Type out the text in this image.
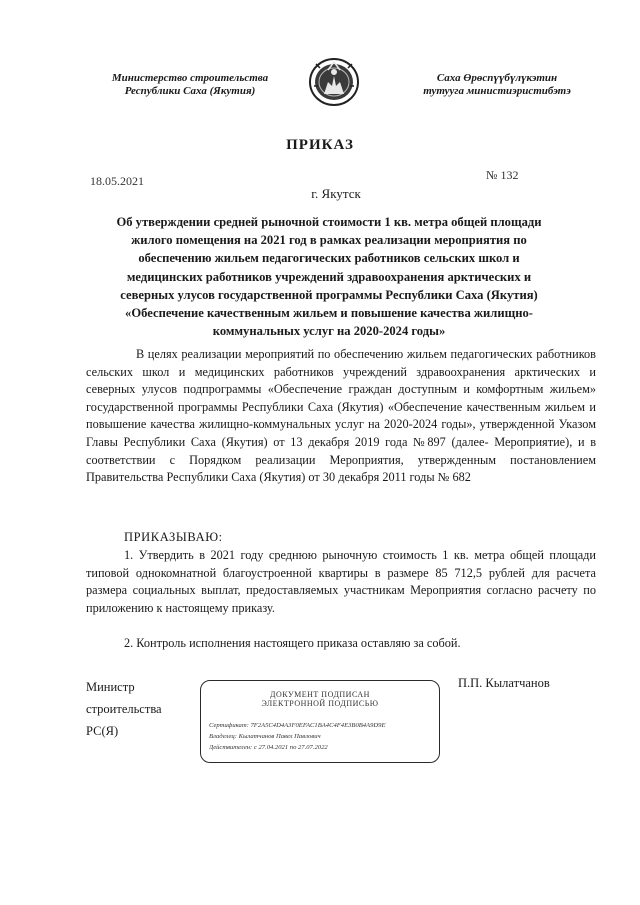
Министерство строительства
Республики Саха (Якутия)
Саха Өрөспүүбүлүкэтин
тутууга министиэристибэтэ
ПРИКАЗ
18.05.2021
г. Якутск
№ 132
Об утверждении средней рыночной стоимости 1 кв. метра общей площади жилого помещения на 2021 год в рамках реализации мероприятия по обеспечению жильем педагогических работников сельских школ и медицинских работников учреждений здравоохранения арктических и северных улусов государственной программы Республики Саха (Якутия) «Обеспечение качественным жильем и повышение качества жилищно-коммунальных услуг на 2020-2024 годы»
В целях реализации мероприятий по обеспечению жильем педагогических работников сельских школ и медицинских работников учреждений здравоохранения арктических и северных улусов подпрограммы «Обеспечение граждан доступным и комфортным жильем» государственной программы Республики Саха (Якутия) «Обеспечение качественным жильем и повышение качества жилищно-коммунальных услуг на 2020-2024 годы», утвержденной Указом Главы Республики Саха (Якутия) от 13 декабря 2019 года №897 (далее- Мероприятие), и в соответствии с Порядком реализации Мероприятия, утвержденным постановлением Правительства Республики Саха (Якутия) от 30 декабря 2011 годы № 682
ПРИКАЗЫВАЮ:
1. Утвердить в 2021 году среднюю рыночную стоимость 1 кв. метра общей площади типовой однокомнатной благоустроенной квартиры в размере 85 712,5 рублей для расчета размера социальных выплат, предоставляемых участникам Мероприятия согласно расчету по приложению к настоящему приказу.
2. Контроль исполнения настоящего приказа оставляю за собой.
Министр
строительства
РС(Я)
П.П. Кылатчанов
ДОКУМЕНТ ПОДПИСАН
ЭЛЕКТРОННОЙ ПОДПИСЬЮ
Сертификат: 7F2A5C4D4A3F0EFAC1BA4C4F4E3B0B4A9D9E
Владелец: Кылатчанов Павел Павлович
Действителен: с 27.04.2021 по 27.07.2022
